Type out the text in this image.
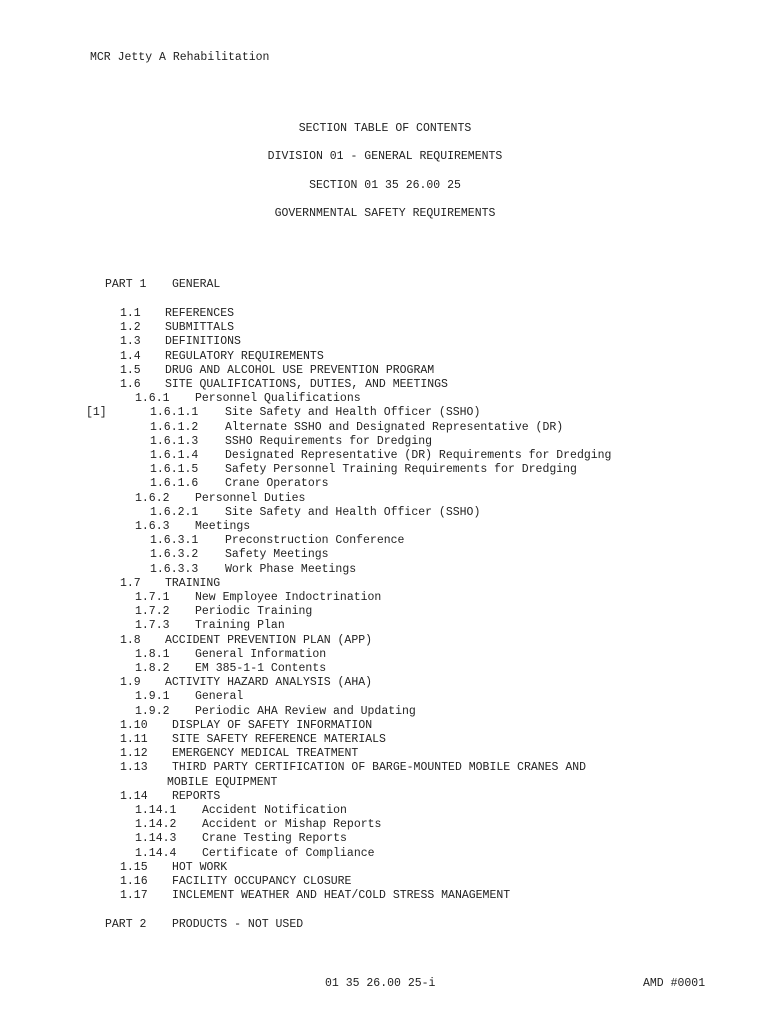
MCR Jetty A Rehabilitation
SECTION TABLE OF CONTENTS
DIVISION 01 - GENERAL REQUIREMENTS
SECTION 01 35 26.00 25
GOVERNMENTAL SAFETY REQUIREMENTS
PART 1 GENERAL
[1]
1.1 REFERENCES
1.2 SUBMITTALS
1.3 DEFINITIONS
1.4 REGULATORY REQUIREMENTS
1.5 DRUG AND ALCOHOL USE PREVENTION PROGRAM
1.6 SITE QUALIFICATIONS, DUTIES, AND MEETINGS
1.6.1 Personnel Qualifications
1.6.1.1 Site Safety and Health Officer (SSHO)
1.6.1.2 Alternate SSHO and Designated Representative (DR)
1.6.1.3 SSHO Requirements for Dredging
1.6.1.4 Designated Representative (DR) Requirements for Dredging
1.6.1.5 Safety Personnel Training Requirements for Dredging
1.6.1.6 Crane Operators
1.6.2 Personnel Duties
1.6.2.1 Site Safety and Health Officer (SSHO)
1.6.3 Meetings
1.6.3.1 Preconstruction Conference
1.6.3.2 Safety Meetings
1.6.3.3 Work Phase Meetings
1.7 TRAINING
1.7.1 New Employee Indoctrination
1.7.2 Periodic Training
1.7.3 Training Plan
1.8 ACCIDENT PREVENTION PLAN (APP)
1.8.1 General Information
1.8.2 EM 385-1-1 Contents
1.9 ACTIVITY HAZARD ANALYSIS (AHA)
1.9.1 General
1.9.2 Periodic AHA Review and Updating
1.10 DISPLAY OF SAFETY INFORMATION
1.11 SITE SAFETY REFERENCE MATERIALS
1.12 EMERGENCY MEDICAL TREATMENT
1.13 THIRD PARTY CERTIFICATION OF BARGE-MOUNTED MOBILE CRANES AND
MOBILE EQUIPMENT
1.14 REPORTS
1.14.1 Accident Notification
1.14.2 Accident or Mishap Reports
1.14.3 Crane Testing Reports
1.14.4 Certificate of Compliance
1.15 HOT WORK
1.16 FACILITY OCCUPANCY CLOSURE
1.17 INCLEMENT WEATHER AND HEAT/COLD STRESS MANAGEMENT
PART 2 PRODUCTS - NOT USED
01 35 26.00 25-i	AMD #0001
